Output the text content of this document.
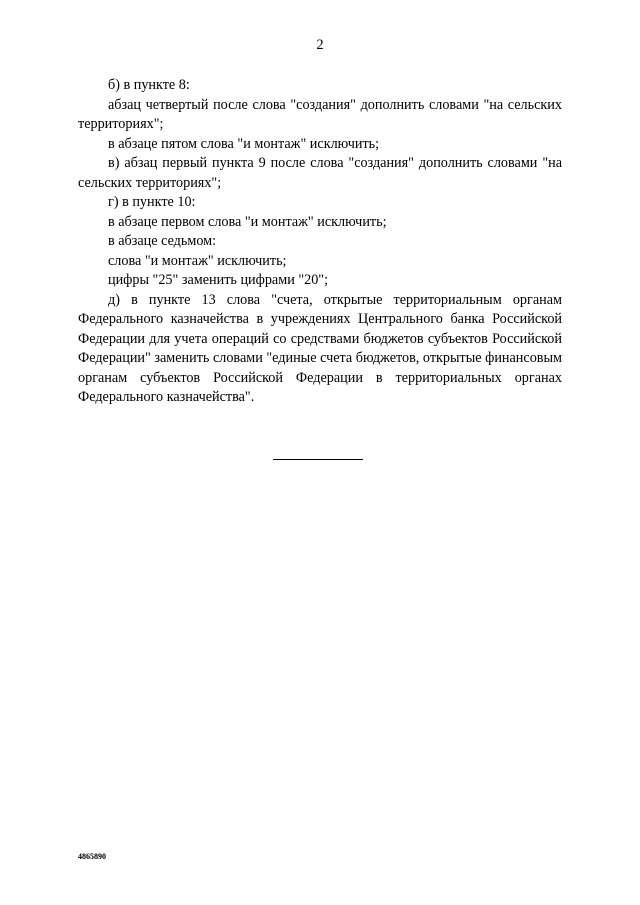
2

б) в пункте 8:

абзац четвертый после слова "создания" дополнить словами "на сельских территориях";

в абзаце пятом слова "и монтаж" исключить;

в) абзац первый пункта 9 после слова "создания" дополнить словами "на сельских территориях";

г) в пункте 10:

в абзаце первом слова "и монтаж" исключить;

в абзаце седьмом:

слова "и монтаж" исключить;

цифры "25" заменить цифрами "20";

д) в пункте 13 слова "счета, открытые территориальным органам Федерального казначейства в учреждениях Центрального банка Российской Федерации для учета операций со средствами бюджетов субъектов Российской Федерации" заменить словами "единые счета бюджетов, открытые финансовым органам субъектов Российской Федерации в территориальных органах Федерального казначейства".

4865890
